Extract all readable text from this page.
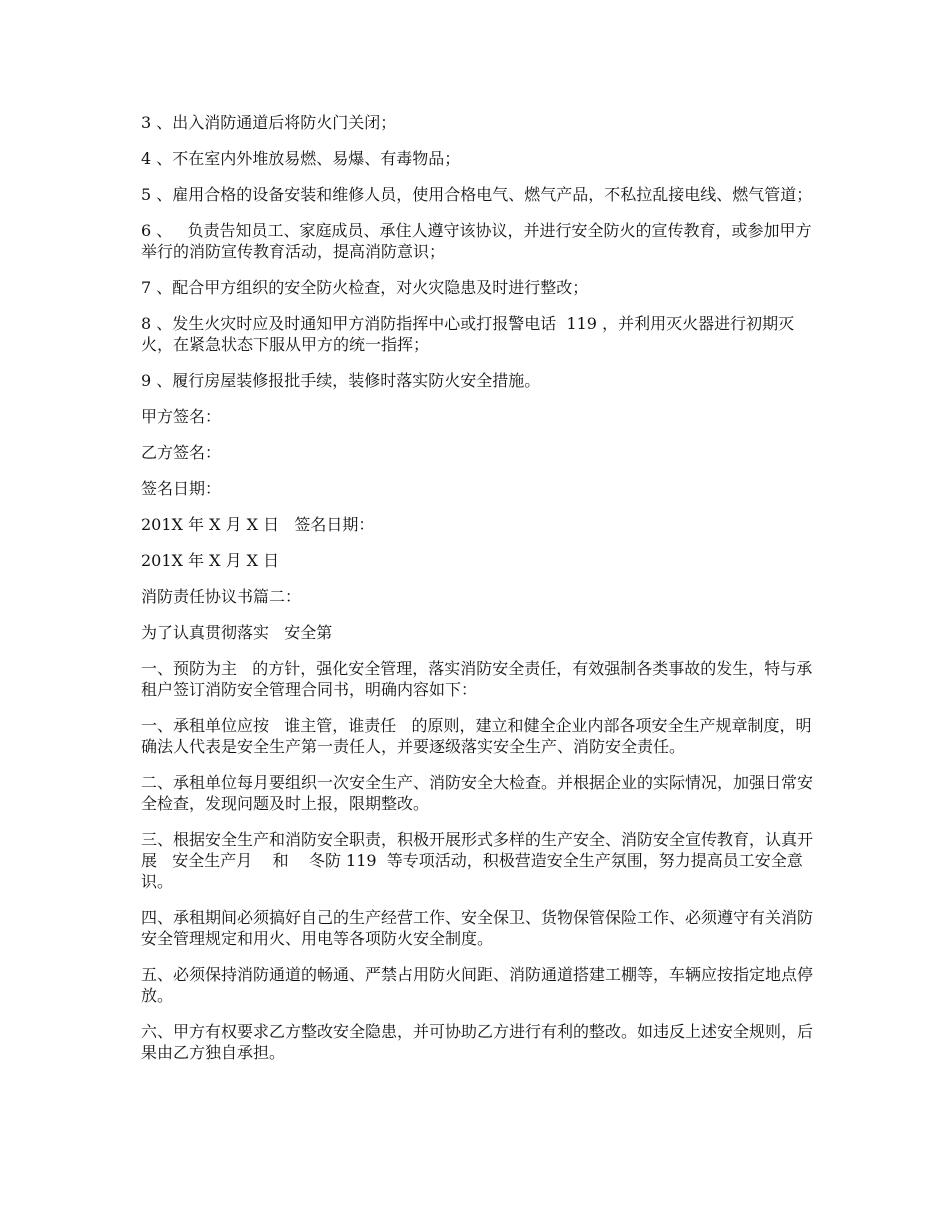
3 、出入消防通道后将防火门关闭；

4 、不在室内外堆放易燃、易爆、有毒物品；

5 、雇用合格的设备安装和维修人员，使用合格电气、燃气产品，不私拉乱接电线、燃气管道；

6 、   负责告知员工、家庭成员、承住人遵守该协议，并进行安全防火的宣传教育，或参加甲方举行的消防宣传教育活动，提高消防意识；

7 、配合甲方组织的安全防火检查，对火灾隐患及时进行整改；

8 、发生火灾时应及时通知甲方消防指挥中心或打报警电话  119 ，并利用灭火器进行初期灭火，在紧急状态下服从甲方的统一指挥；

9 、履行房屋装修报批手续，装修时落实防火安全措施。

甲方签名：

乙方签名：

签名日期：

201X 年 X 月 X 日   签名日期：

201X 年 X 月 X 日

消防责任协议书篇二：

为了认真贯彻落实   安全第

一、预防为主   的方针，强化安全管理，落实消防安全责任，有效强制各类事故的发生，特与承租户签订消防安全管理合同书，明确内容如下：

一、承租单位应按   谁主管，谁责任   的原则，建立和健全企业内部各项安全生产规章制度，明确法人代表是安全生产第一责任人，并要逐级落实安全生产、消防安全责任。

二、承租单位每月要组织一次安全生产、消防安全大检查。并根据企业的实际情况，加强日常安全检查，发现问题及时上报，限期整改。

三、根据安全生产和消防安全职责，积极开展形式多样的生产安全、消防安全宣传教育，认真开展   安全生产月    和    冬防 119  等专项活动，积极营造安全生产氛围，努力提高员工安全意识。

四、承租期间必须搞好自己的生产经营工作、安全保卫、货物保管保险工作、必须遵守有关消防安全管理规定和用火、用电等各项防火安全制度。

五、必须保持消防通道的畅通、严禁占用防火间距、消防通道搭建工棚等，车辆应按指定地点停放。

六、甲方有权要求乙方整改安全隐患，并可协助乙方进行有利的整改。如违反上述安全规则，后果由乙方独自承担。
